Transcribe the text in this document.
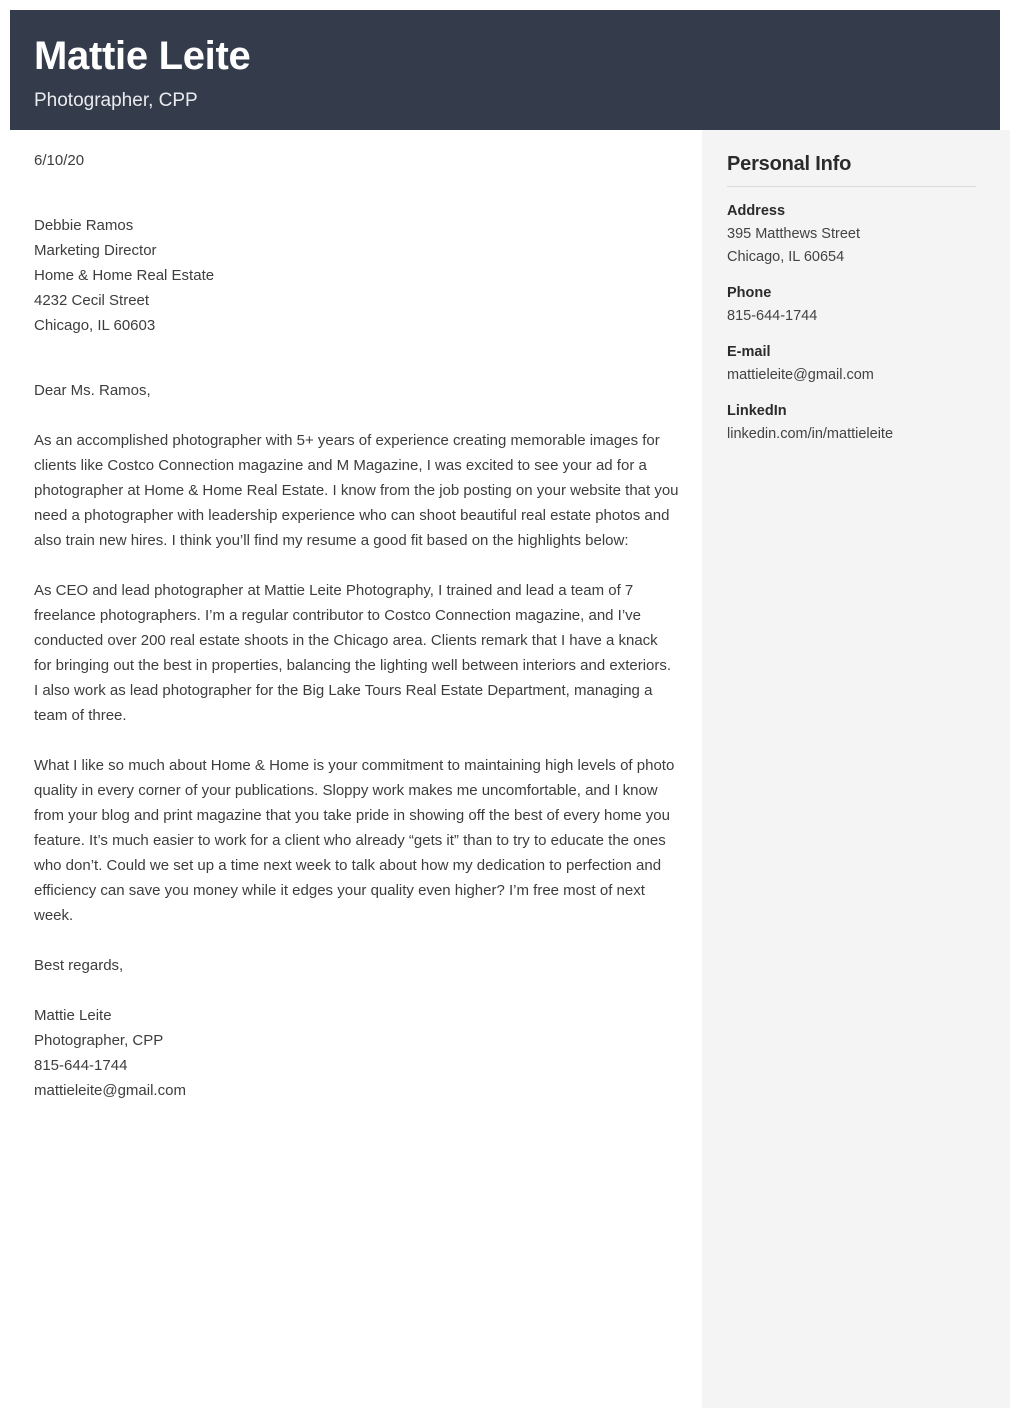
Mattie Leite
Photographer, CPP
6/10/20
Debbie Ramos
Marketing Director
Home & Home Real Estate
4232 Cecil Street
Chicago, IL 60603
Dear Ms. Ramos,

As an accomplished photographer with 5+ years of experience creating memorable images for clients like Costco Connection magazine and M Magazine, I was excited to see your ad for a photographer at Home & Home Real Estate. I know from the job posting on your website that you need a photographer with leadership experience who can shoot beautiful real estate photos and also train new hires. I think you’ll find my resume a good fit based on the highlights below:

As CEO and lead photographer at Mattie Leite Photography, I trained and lead a team of 7 freelance photographers. I’m a regular contributor to Costco Connection magazine, and I’ve conducted over 200 real estate shoots in the Chicago area. Clients remark that I have a knack for bringing out the best in properties, balancing the lighting well between interiors and exteriors. I also work as lead photographer for the Big Lake Tours Real Estate Department, managing a team of three.

What I like so much about Home & Home is your commitment to maintaining high levels of photo quality in every corner of your publications. Sloppy work makes me uncomfortable, and I know from your blog and print magazine that you take pride in showing off the best of every home you feature. It’s much easier to work for a client who already “gets it” than to try to educate the ones who don’t. Could we set up a time next week to talk about how my dedication to perfection and efficiency can save you money while it edges your quality even higher? I’m free most of next week.

Best regards,
Mattie Leite
Photographer, CPP
815-644-1744
mattieleite@gmail.com
Personal Info
Address
395 Matthews Street
Chicago, IL 60654
Phone
815-644-1744
E-mail
mattieleite@gmail.com
LinkedIn
linkedin.com/in/mattieleite
